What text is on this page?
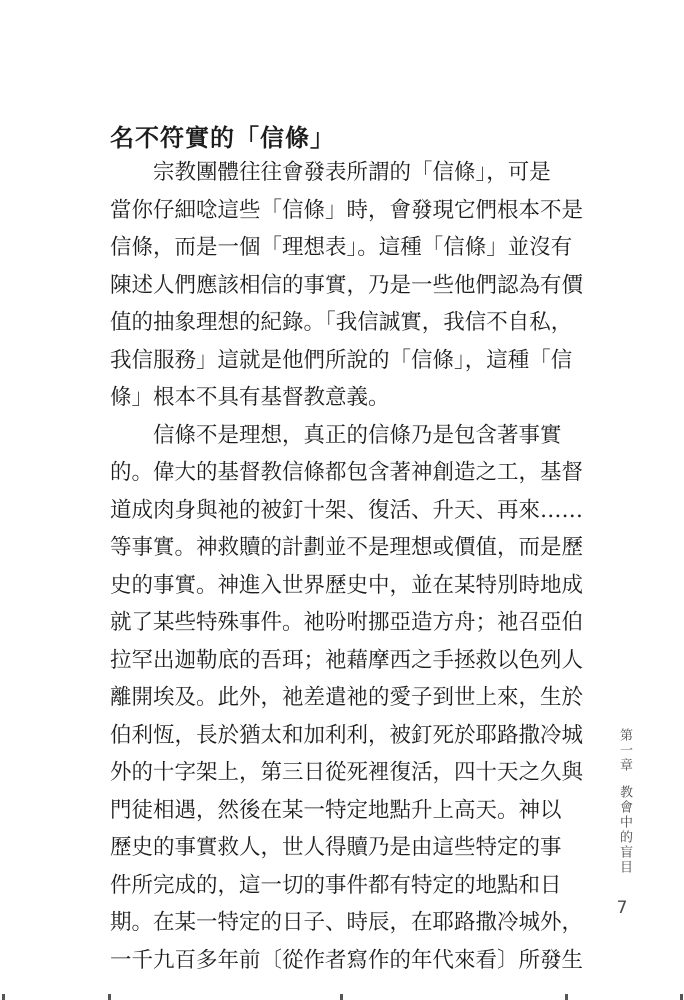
名不符實的「信條」
　　宗教團體往往會發表所謂的「信條」，可是
當你仔細唸這些「信條」時，會發現它們根本不是
信條，而是一個「理想表」。這種「信條」並沒有
陳述人們應該相信的事實，乃是一些他們認為有價
值的抽象理想的紀錄。「我信誠實，我信不自私，
我信服務」這就是他們所說的「信條」，這種「信
條」根本不具有基督教意義。
　　信條不是理想，真正的信條乃是包含著事實
的。偉大的基督教信條都包含著神創造之工，基督
道成肉身與祂的被釘十架、復活、升天、再來……
等事實。神救贖的計劃並不是理想或價值，而是歷
史的事實。神進入世界歷史中，並在某特別時地成
就了某些特殊事件。祂吩咐挪亞造方舟；祂召亞伯
拉罕出迦勒底的吾珥；祂藉摩西之手拯救以色列人
離開埃及。此外，祂差遣祂的愛子到世上來，生於
伯利恆，長於猶太和加利利，被釘死於耶路撒冷城
外的十字架上，第三日從死裡復活，四十天之久與
門徒相遇，然後在某一特定地點升上高天。神以
歷史的事實救人，世人得贖乃是由這些特定的事
件所完成的，這一切的事件都有特定的地點和日
期。在某一特定的日子、時辰，在耶路撒冷城外，
一千九百多年前〔從作者寫作的年代來看〕所發生
第一章教會中的盲目
7
